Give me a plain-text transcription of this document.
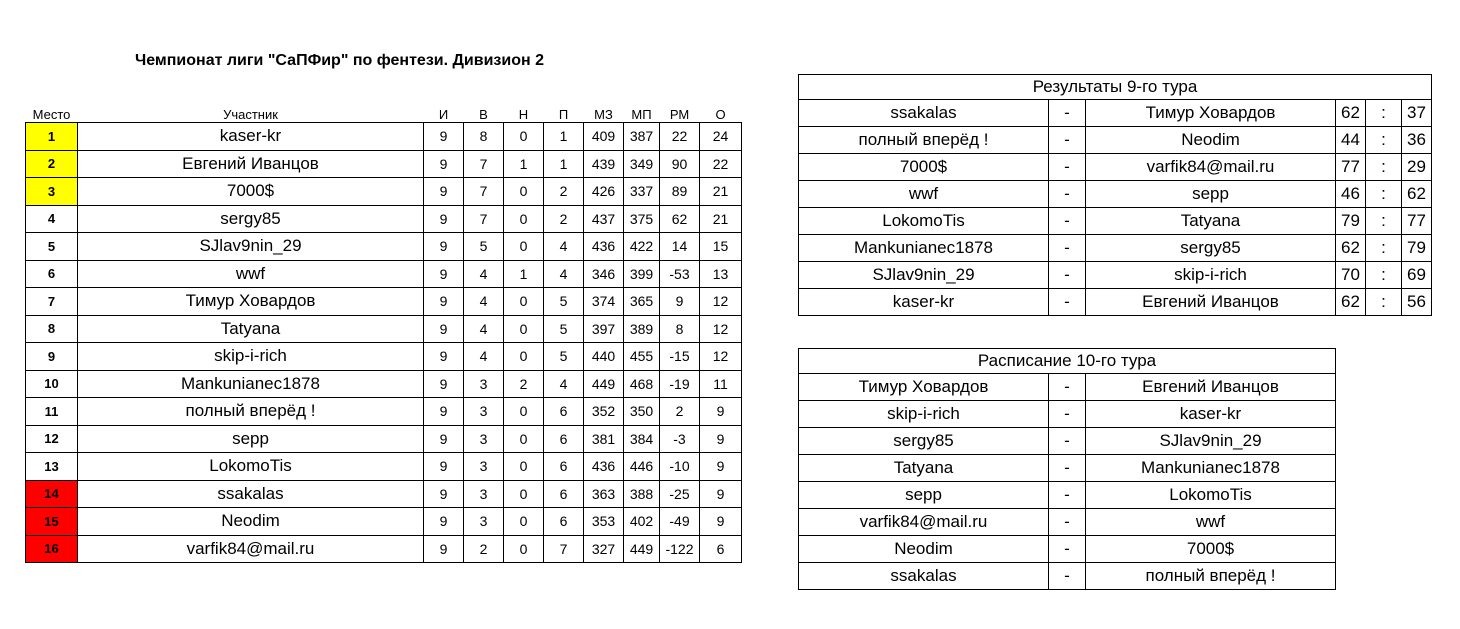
Чемпионат лиги "СаПФир" по фентези. Дивизион 2
Место	Участник	И	В	Н	П	МЗ	МП	РМ	О
1	kaser-kr	9	8	0	1	409	387	22	24
2	Евгений Иванцов	9	7	1	1	439	349	90	22
3	7000$	9	7	0	2	426	337	89	21
4	sergy85	9	7	0	2	437	375	62	21
5	SJlav9nin_29	9	5	0	4	436	422	14	15
6	wwf	9	4	1	4	346	399	-53	13
7	Тимур Ховардов	9	4	0	5	374	365	9	12
8	Tatyana	9	4	0	5	397	389	8	12
9	skip-i-rich	9	4	0	5	440	455	-15	12
10	Mankunianec1878	9	3	2	4	449	468	-19	11
11	полный вперёд !	9	3	0	6	352	350	2	9
12	sepp	9	3	0	6	381	384	-3	9
13	LokomoTis	9	3	0	6	436	446	-10	9
14	ssakalas	9	3	0	6	363	388	-25	9
15	Neodim	9	3	0	6	353	402	-49	9
16	varfik84@mail.ru	9	2	0	7	327	449	-122	6
Результаты 9-го тура					
ssakalas	-	Тимур Ховардов	62	:	37
полный вперёд !	-	Neodim	44	:	36
7000$	-	varfik84@mail.ru	77	:	29
wwf	-	sepp	46	:	62
LokomoTis	-	Tatyana	79	:	77
Mankunianec1878	-	sergy85	62	:	79
SJlav9nin_29	-	skip-i-rich	70	:	69
kaser-kr	-	Евгений Иванцов	62	:	56
Расписание 10-го тура		
Тимур Ховардов	-	Евгений Иванцов
skip-i-rich	-	kaser-kr
sergy85	-	SJlav9nin_29
Tatyana	-	Mankunianec1878
sepp	-	LokomoTis
varfik84@mail.ru	-	wwf
Neodim	-	7000$
ssakalas	-	полный вперёд !
